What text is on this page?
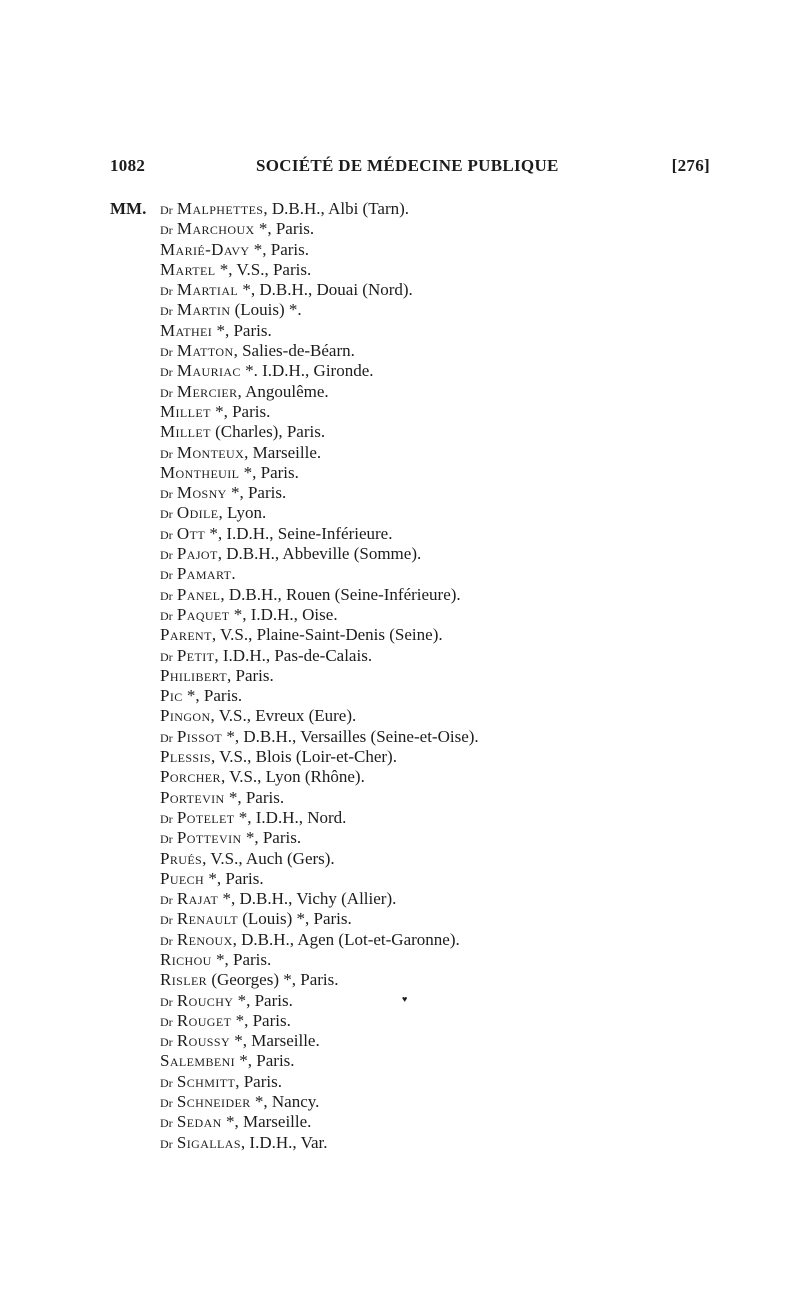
1082	SOCIÉTÉ DE MÉDECINE PUBLIQUE	[276]
MM. $^{Dr}$ Malphettes, D.B.H., Albi (Tarn).
$^{Dr}$ Marchoux *, Paris.
Marié-Davy *, Paris.
Martel *, V.S., Paris.
$^{Dr}$ Martial *, D.B.H., Douai (Nord).
$^{Dr}$ Martin (Louis) *.
Mathei *, Paris.
$^{Dr}$ Matton, Salies-de-Béarn.
$^{Dr}$ Mauriac *. I.D.H., Gironde.
$^{Dr}$ Mercier, Angoulême.
Millet *, Paris.
Millet (Charles), Paris.
$^{Dr}$ Monteux, Marseille.
Montheuil *, Paris.
$^{Dr}$ Mosny *, Paris.
$^{Dr}$ Odile, Lyon.
$^{Dr}$ Ott *, I.D.H., Seine-Inférieure.
$^{Dr}$ Pajot, D.B.H., Abbeville (Somme).
$^{Dr}$ Pamart.
$^{Dr}$ Panel, D.B.H., Rouen (Seine-Inférieure).
$^{Dr}$ Paquet *, I.D.H., Oise.
Parent, V.S., Plaine-Saint-Denis (Seine).
$^{Dr}$ Petit, I.D.H., Pas-de-Calais.
Philibert, Paris.
Pic *, Paris.
Pingon, V.S., Evreux (Eure).
$^{Dr}$ Pissot *, D.B.H., Versailles (Seine-et-Oise).
Plessis, V.S., Blois (Loir-et-Cher).
Porcher, V.S., Lyon (Rhône).
Portevin *, Paris.
$^{Dr}$ Potelet *, I.D.H., Nord.
$^{Dr}$ Pottevin *, Paris.
Prués, V.S., Auch (Gers).
Puech *, Paris.
$^{Dr}$ Rajat *, D.B.H., Vichy (Allier).
$^{Dr}$ Renault (Louis) *, Paris.
$^{Dr}$ Renoux, D.B.H., Agen (Lot-et-Garonne).
Richou *, Paris.
Risler (Georges) *, Paris.
$^{Dr}$ Rouchy *, Paris.
$^{Dr}$ Rouget *, Paris.
$^{Dr}$ Roussy *, Marseille.
Salembeni *, Paris.
$^{Dr}$ Schmitt, Paris.
$^{Dr}$ Schneider *, Nancy.
$^{Dr}$ Sedan *, Marseille.
$^{Dr}$ Sigallas, I.D.H., Var.
♥
